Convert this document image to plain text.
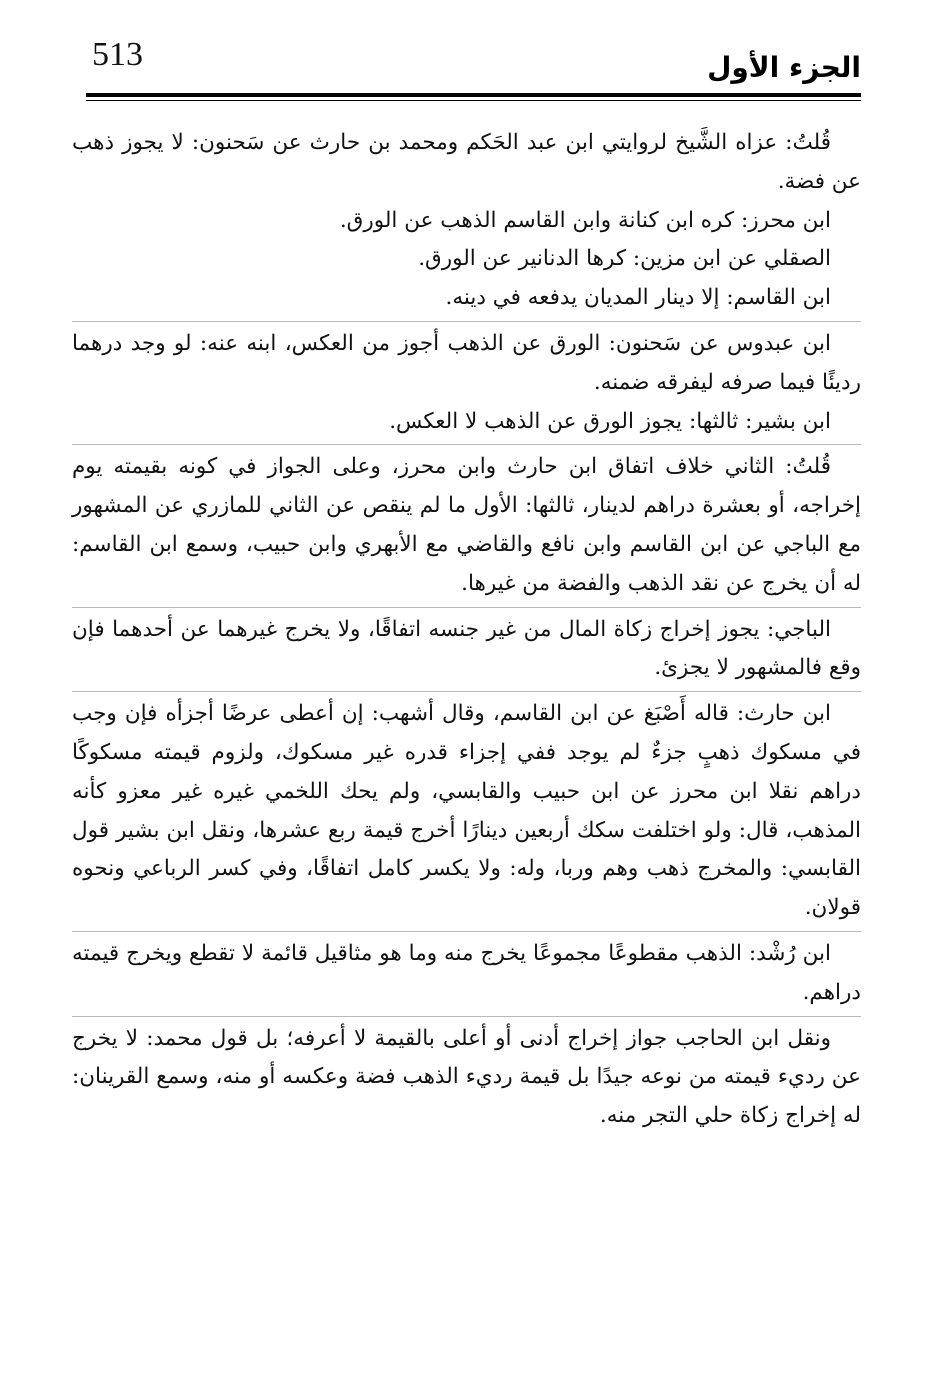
513	الجزء الأول

قُلتُ: عزاه الشَّيخ لروايتي ابن عبد الحَكم ومحمد بن حارث عن سَحنون: لا يجوز ذهب عن فضة.

ابن محرز: كره ابن كنانة وابن القاسم الذهب عن الورق.

الصقلي عن ابن مزين: كرها الدنانير عن الورق.

ابن القاسم: إلا دينار المديان يدفعه في دينه.

ابن عبدوس عن سَحنون: الورق عن الذهب أجوز من العكس، ابنه عنه: لو وجد درهما رديئًا فيما صرفه ليفرقه ضمنه.

ابن بشير: ثالثها: يجوز الورق عن الذهب لا العكس.

قُلتُ: الثاني خلاف اتفاق ابن حارث وابن محرز، وعلى الجواز في كونه بقيمته يوم إخراجه، أو بعشرة دراهم لدينار، ثالثها: الأول ما لم ينقص عن الثاني للمازري عن المشهور مع الباجي عن ابن القاسم وابن نافع والقاضي مع الأبهري وابن حبيب، وسمع ابن القاسم: له أن يخرج عن نقد الذهب والفضة من غيرها.

الباجي: يجوز إخراج زكاة المال من غير جنسه اتفاقًا، ولا يخرج غيرهما عن أحدهما فإن وقع فالمشهور لا يجزئ.

ابن حارث: قاله أَصْبَغ عن ابن القاسم، وقال أشهب: إن أعطى عرضًا أجزأه فإن وجب في مسكوك ذهبٍ جزءٌ لم يوجد ففي إجزاء قدره غير مسكوك، ولزوم قيمته مسكوكًا دراهم نقلا ابن محرز عن ابن حبيب والقابسي، ولم يحك اللخمي غيره غير معزو كأنه المذهب، قال: ولو اختلفت سكك أربعين دينارًا أخرج قيمة ربع عشرها، ونقل ابن بشير قول القابسي: والمخرج ذهب وهم وربا، وله: ولا يكسر كامل اتفاقًا، وفي كسر الرباعي ونحوه قولان.

ابن رُشْد: الذهب مقطوعًا مجموعًا يخرج منه وما هو مثاقيل قائمة لا تقطع ويخرج قيمته دراهم.

ونقل ابن الحاجب جواز إخراج أدنى أو أعلى بالقيمة لا أعرفه؛ بل قول محمد: لا يخرج عن رديء قيمته من نوعه جيدًا بل قيمة رديء الذهب فضة وعكسه أو منه، وسمع القرينان: له إخراج زكاة حلي التجر منه.
